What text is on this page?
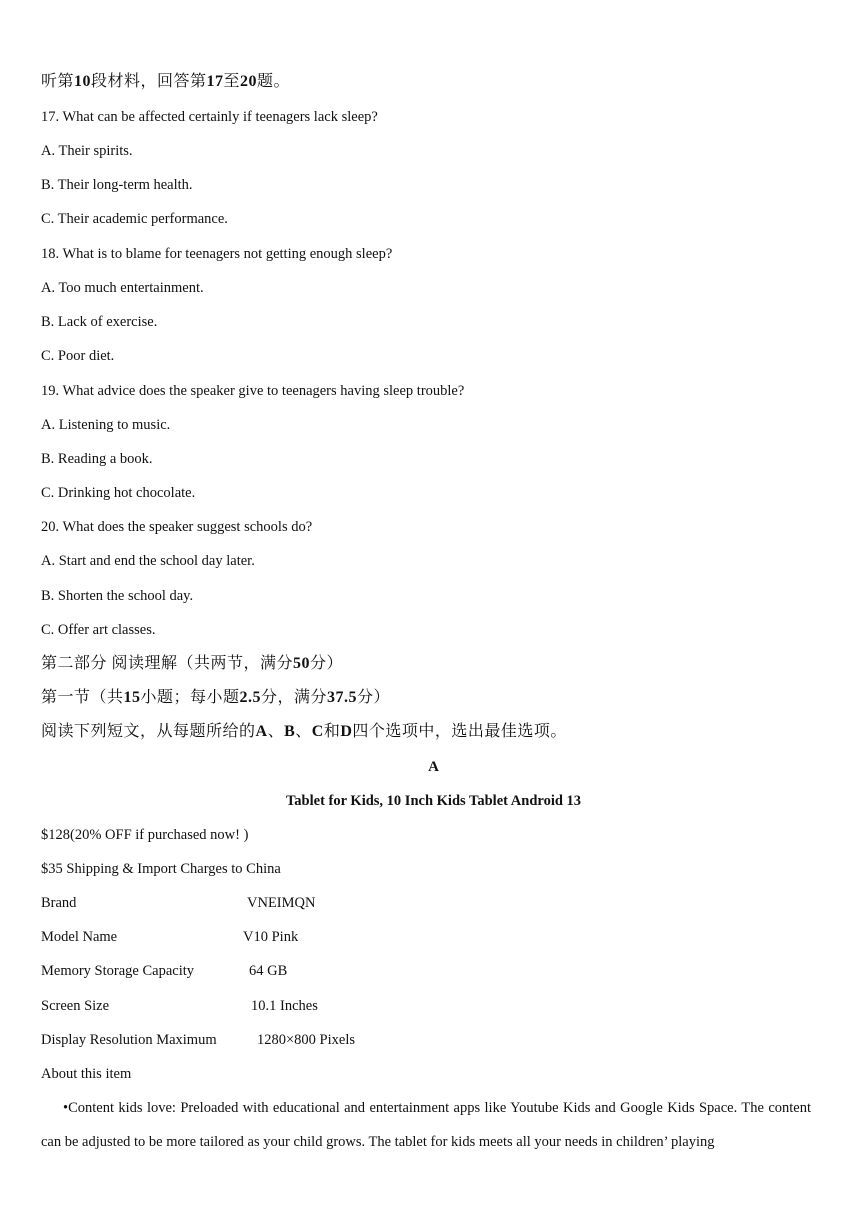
听第10段材料，回答第17至20题。
17. What can be affected certainly if teenagers lack sleep?
A. Their spirits.
B. Their long-term health.
C. Their academic performance.
18. What is to blame for teenagers not getting enough sleep?
A. Too much entertainment.
B. Lack of exercise.
C. Poor diet.
19. What advice does the speaker give to teenagers having sleep trouble?
A. Listening to music.
B. Reading a book.
C. Drinking hot chocolate.
20. What does the speaker suggest schools do?
A. Start and end the school day later.
B. Shorten the school day.
C. Offer art classes.
第二部分 阅读理解（共两节，满分50分）
第一节（共15小题；每小题2.5分，满分37.5分）
阅读下列短文，从每题所给的A、B、C和D四个选项中，选出最佳选项。
A
Tablet for Kids, 10 Inch Kids Tablet Android 13
$128(20% OFF if purchased now! )
$35 Shipping & Import Charges to China
Brand	VNEIMQN
Model Name	V10 Pink
Memory Storage Capacity	64 GB
Screen Size	10.1 Inches
Display Resolution Maximum	1280×800 Pixels
About this item
•Content kids love: Preloaded with educational and entertainment apps like Youtube Kids and Google Kids Space. The content can be adjusted to be more tailored as your child grows. The tablet for kids meets all your needs in children’ playing
